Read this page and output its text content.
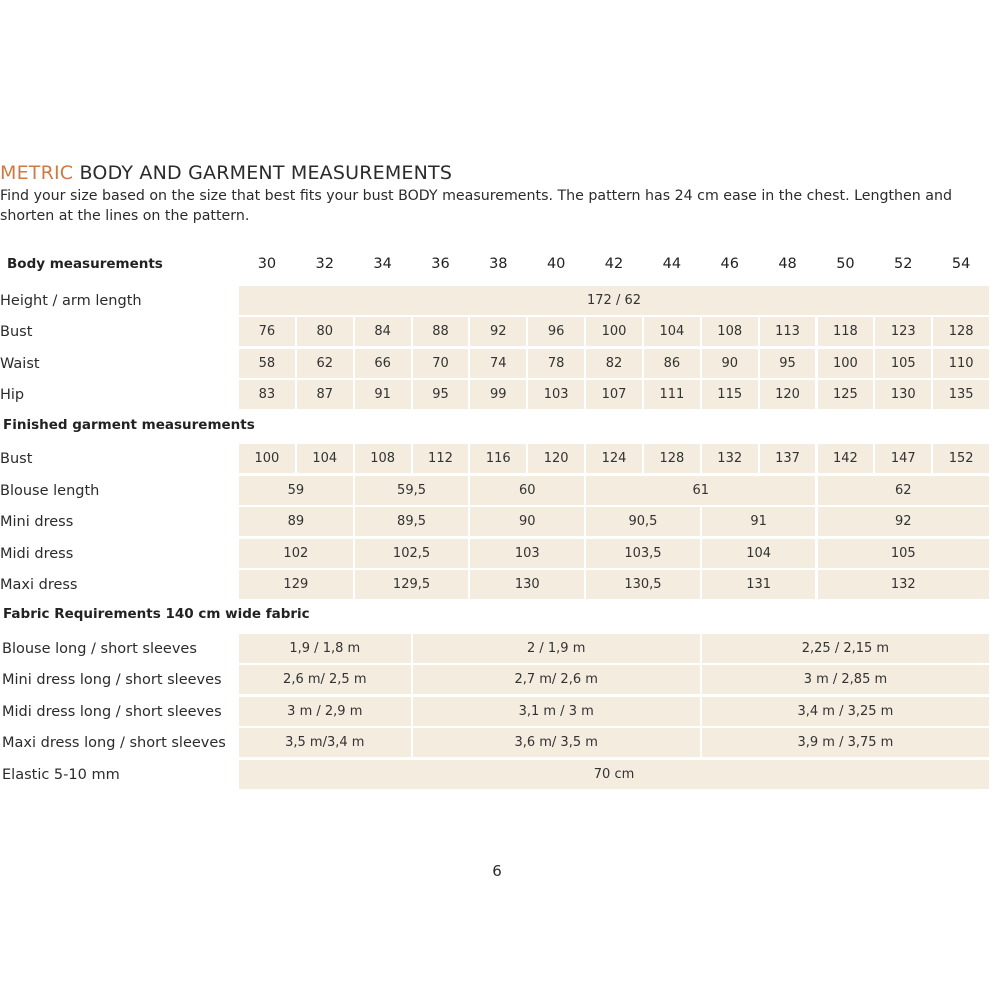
METRIC BODY AND GARMENT MEASUREMENTS
Find your size based on the size that best fits your bust BODY measurements. The pattern has 24 cm ease in the chest. Lengthen and shorten at the lines on the pattern.
Body measurements	30	32	34	36	38	40	42	44	46	48	50	52	54
Height / arm length	172 / 62
Bust	76	80	84	88	92	96	100	104	108	113	118	123	128
Waist	58	62	66	70	74	78	82	86	90	95	100	105	110
Hip	83	87	91	95	99	103	107	111	115	120	125	130	135
Finished garment measurements
Bust	100	104	108	112	116	120	124	128	132	137	142	147	152
Blouse length	59	59,5	60	61	62
Mini dress	89	89,5	90	90,5	91	92
Midi dress	102	102,5	103	103,5	104	105
Maxi dress	129	129,5	130	130,5	131	132
Fabric Requirements 140 cm wide fabric
Blouse long / short sleeves	1,9 / 1,8 m	2 / 1,9 m	2,25 / 2,15 m
Mini dress long / short sleeves	2,6 m/ 2,5 m	2,7 m/ 2,6 m	3 m / 2,85 m
Midi dress long / short sleeves	3 m / 2,9 m	3,1 m / 3 m	3,4 m / 3,25 m
Maxi dress long / short sleeves	3,5 m/3,4 m	3,6 m/ 3,5 m	3,9 m / 3,75 m
Elastic 5-10 mm	70 cm
6
